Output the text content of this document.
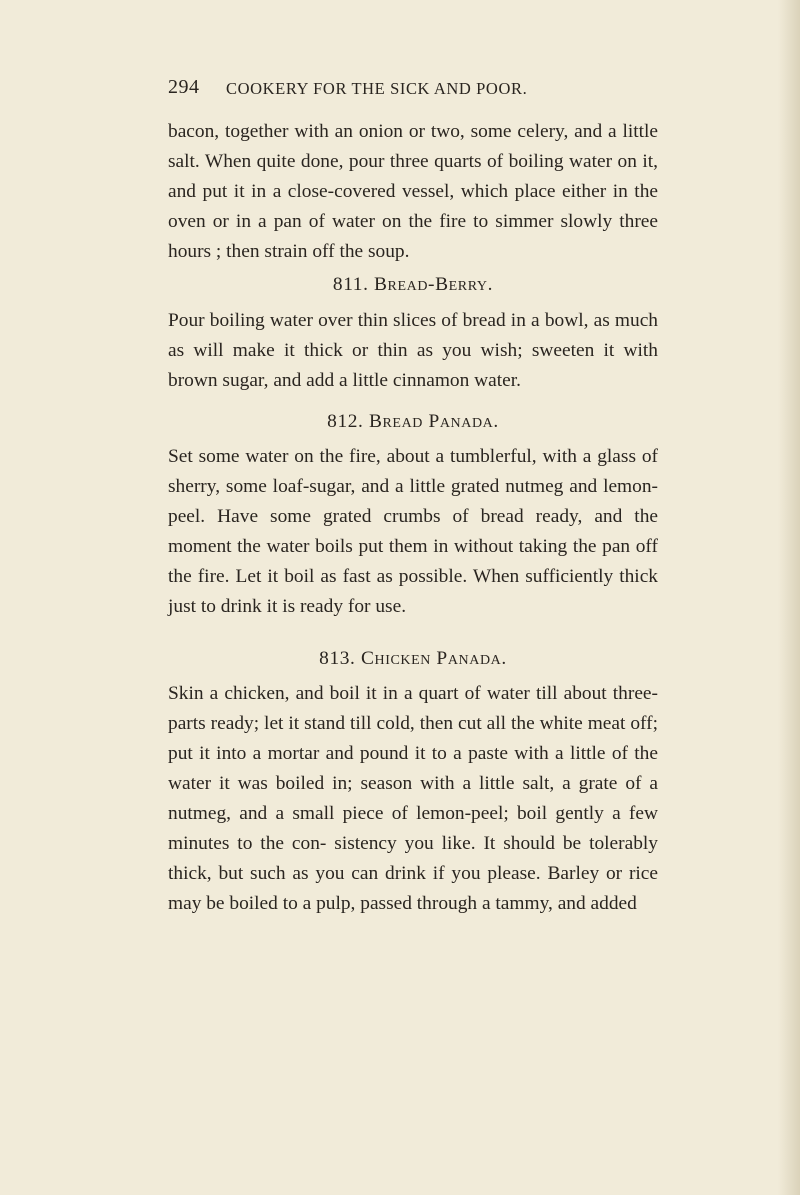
294 COOKERY FOR THE SICK AND POOR.

bacon, together with an onion or two, some celery, and a little salt. When quite done, pour three quarts of boiling water on it, and put it in a close-covered vessel, which place either in the oven or in a pan of water on the fire to simmer slowly three hours ; then strain off the soup.

811. Bread-Berry.

Pour boiling water over thin slices of bread in a bowl, as much as will make it thick or thin as you wish; sweeten it with brown sugar, and add a little cinnamon water.

812. Bread Panada.

Set some water on the fire, about a tumblerful, with a glass of sherry, some loaf-sugar, and a little grated nutmeg and lemon-peel. Have some grated crumbs of bread ready, and the moment the water boils put them in without taking the pan off the fire. Let it boil as fast as possible. When sufficiently thick just to drink it is ready for use.

813. Chicken Panada.

Skin a chicken, and boil it in a quart of water till about three-parts ready; let it stand till cold, then cut all the white meat off; put it into a mortar and pound it to a paste with a little of the water it was boiled in; season with a little salt, a grate of a nutmeg, and a small piece of lemon-peel; boil gently a few minutes to the con- sistency you like. It should be tolerably thick, but such as you can drink if you please. Barley or rice may be boiled to a pulp, passed through a tammy, and added
